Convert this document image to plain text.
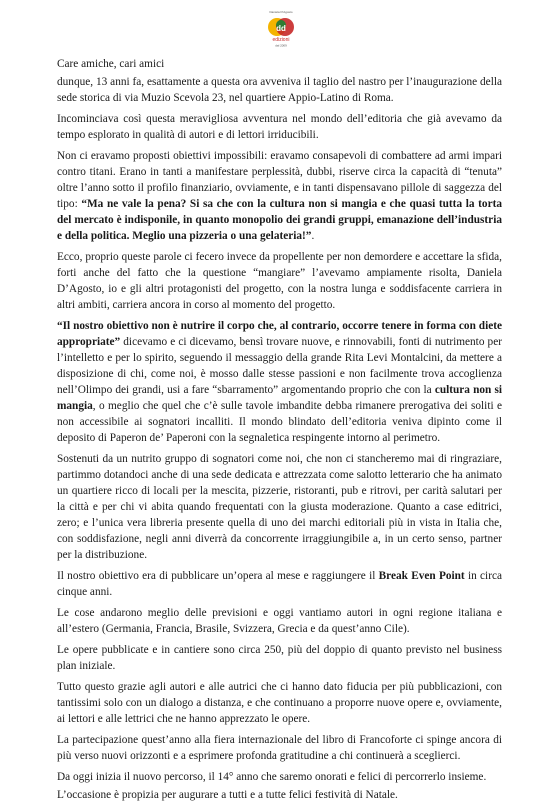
Daniela D'Agosto
dd
edizioni
dal 2009

Care amiche, cari amici

dunque, 13 anni fa, esattamente a questa ora avveniva il taglio del nastro per l’inaugurazione della sede storica di via Muzio Scevola 23, nel quartiere Appio-Latino di Roma.

Incominciava così questa meravigliosa avventura nel mondo dell’editoria che già avevamo da tempo esplorato in qualità di autori e di lettori irriducibili.

Non ci eravamo proposti obiettivi impossibili: eravamo consapevoli di combattere ad armi impari contro titani. Erano in tanti a manifestare perplessità, dubbi, riserve circa la capacità di “tenuta” oltre l’anno sotto il profilo finanziario, ovviamente, e in tanti dispensavano pillole di saggezza del tipo: “Ma ne vale la pena? Si sa che con la cultura non si mangia e che quasi tutta la torta del mercato è indisponile, in quanto monopolio dei grandi gruppi, emanazione dell’industria e della politica. Meglio una pizzeria o una gelateria!”.

Ecco, proprio queste parole ci fecero invece da propellente per non demordere e accettare la sfida, forti anche del fatto che la questione “mangiare” l’avevamo ampiamente risolta, Daniela D’Agosto, io e gli altri protagonisti del progetto, con la nostra lunga e soddisfacente carriera in altri ambiti, carriera ancora in corso al momento del progetto.

“Il nostro obiettivo non è nutrire il corpo che, al contrario, occorre tenere in forma con diete appropriate” dicevamo e ci dicevamo, bensì trovare nuove, e rinnovabili, fonti di nutrimento per l’intelletto e per lo spirito, seguendo il messaggio della grande Rita Levi Montalcini, da mettere a disposizione di chi, come noi, è mosso dalle stesse passioni e non facilmente trova accoglienza nell’Olimpo dei grandi, usi a fare “sbarramento” argomentando proprio che con la cultura non si mangia, o meglio che quel che c’è sulle tavole imbandite debba rimanere prerogativa dei soliti e non accessibile ai sognatori incalliti. Il mondo blindato dell’editoria veniva dipinto come il deposito di Paperon de’ Paperoni con la segnaletica respingente intorno al perimetro.

Sostenuti da un nutrito gruppo di sognatori come noi, che non ci stancheremo mai di ringraziare, partimmo dotandoci anche di una sede dedicata e attrezzata come salotto letterario che ha animato un quartiere ricco di locali per la mescita, pizzerie, ristoranti, pub e ritrovi, per carità salutari per la città e per chi vi abita quando frequentati con la giusta moderazione. Quanto a case editrici, zero; e l’unica vera libreria presente quella di uno dei marchi editoriali più in vista in Italia che, con soddisfazione, negli anni diverrà da concorrente irraggiungibile a, in un certo senso, partner per la distribuzione.

Il nostro obiettivo era di pubblicare un’opera al mese e raggiungere il Break Even Point in circa cinque anni.

Le cose andarono meglio delle previsioni e oggi vantiamo autori in ogni regione italiana e all’estero (Germania, Francia, Brasile, Svizzera, Grecia e da quest’anno Cile).

Le opere pubblicate e in cantiere sono circa 250, più del doppio di quanto previsto nel business plan iniziale.

Tutto questo grazie agli autori e alle autrici che ci hanno dato fiducia per più pubblicazioni, con tantissimi solo con un dialogo a distanza, e che continuano a proporre nuove opere e, ovviamente, ai lettori e alle lettrici che ne hanno apprezzato le opere.

La partecipazione quest’anno alla fiera internazionale del libro di Francoforte ci spinge ancora di più verso nuovi orizzonti e a esprimere profonda gratitudine a chi continuerà a sceglierci.

Da oggi inizia il nuovo percorso, il 14° anno che saremo onorati e felici di percorrerlo insieme.

L’occasione è propizia per augurare a tutti e a tutte felici festività di Natale.
